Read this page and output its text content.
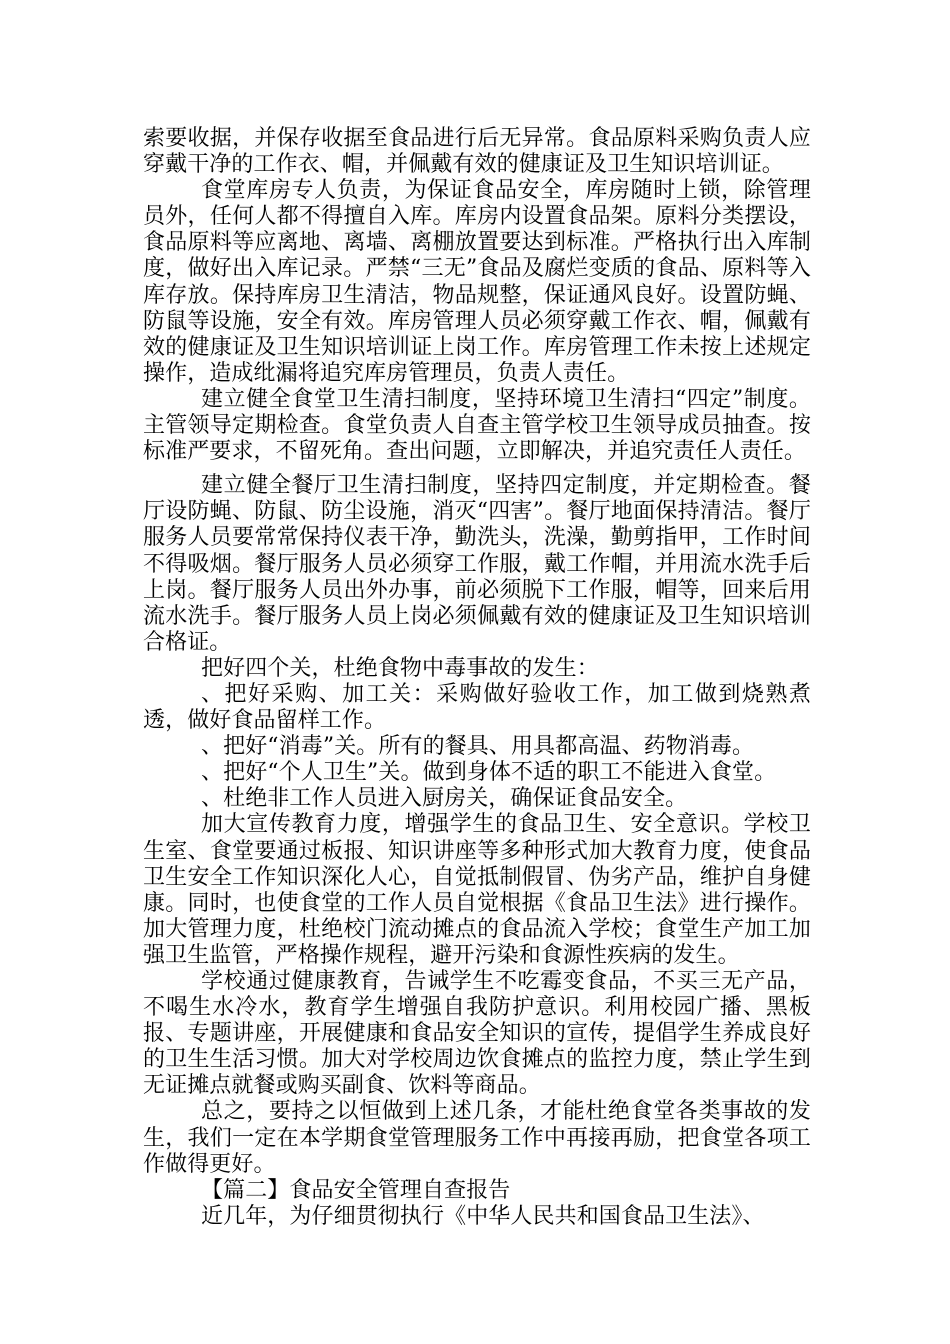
索要收据，并保存收据至食品进行后无异常。食品原料采购负责人应穿戴干净的工作衣、帽，并佩戴有效的健康证及卫生知识培训证。

食堂库房专人负责，为保证食品安全，库房随时上锁，除管理员外，任何人都不得擅自入库。库房内设置食品架。原料分类摆设，食品原料等应离地、离墙、离棚放置要达到标准。严格执行出入库制度，做好出入库记录。严禁“三无”食品及腐烂变质的食品、原料等入库存放。保持库房卫生清洁，物品规整，保证通风良好。设置防蝇、防鼠等设施，安全有效。库房管理人员必须穿戴工作衣、帽，佩戴有效的健康证及卫生知识培训证上岗工作。库房管理工作未按上述规定操作，造成纰漏将追究库房管理员，负责人责任。

建立健全食堂卫生清扫制度，坚持环境卫生清扫“四定”制度。主管领导定期检查。食堂负责人自查主管学校卫生领导成员抽查。按标准严要求，不留死角。查出问题，立即解决，并追究责任人责任。

建立健全餐厅卫生清扫制度，坚持四定制度，并定期检查。餐厅设防蝇、防鼠、防尘设施，消灭“四害”。餐厅地面保持清洁。餐厅服务人员要常常保持仪表干净，勤洗头，洗澡，勤剪指甲，工作时间不得吸烟。餐厅服务人员必须穿工作服，戴工作帽，并用流水洗手后上岗。餐厅服务人员出外办事，前必须脱下工作服，帽等，回来后用流水洗手。餐厅服务人员上岗必须佩戴有效的健康证及卫生知识培训合格证。

把好四个关，杜绝食物中毒事故的发生：

、把好采购、加工关：采购做好验收工作，加工做到烧熟煮透，做好食品留样工作。

、把好“消毒”关。所有的餐具、用具都高温、药物消毒。

、把好“个人卫生”关。做到身体不适的职工不能进入食堂。

、杜绝非工作人员进入厨房关，确保证食品安全。

加大宣传教育力度，增强学生的食品卫生、安全意识。学校卫生室、食堂要通过板报、知识讲座等多种形式加大教育力度，使食品卫生安全工作知识深化人心，自觉抵制假冒、伪劣产品，维护自身健康。同时，也使食堂的工作人员自觉根据《食品卫生法》进行操作。加大管理力度，杜绝校门流动摊点的食品流入学校；食堂生产加工加强卫生监管，严格操作规程，避开污染和食源性疾病的发生。

学校通过健康教育，告诫学生不吃霉变食品，不买三无产品，不喝生水冷水，教育学生增强自我防护意识。利用校园广播、黑板报、专题讲座，开展健康和食品安全知识的宣传，提倡学生养成良好的卫生生活习惯。加大对学校周边饮食摊点的监控力度，禁止学生到无证摊点就餐或购买副食、饮料等商品。

总之，要持之以恒做到上述几条，才能杜绝食堂各类事故的发生，我们一定在本学期食堂管理服务工作中再接再励，把食堂各项工作做得更好。

【篇二】食品安全管理自查报告

近几年，为仔细贯彻执行《中华人民共和国食品卫生法》、
